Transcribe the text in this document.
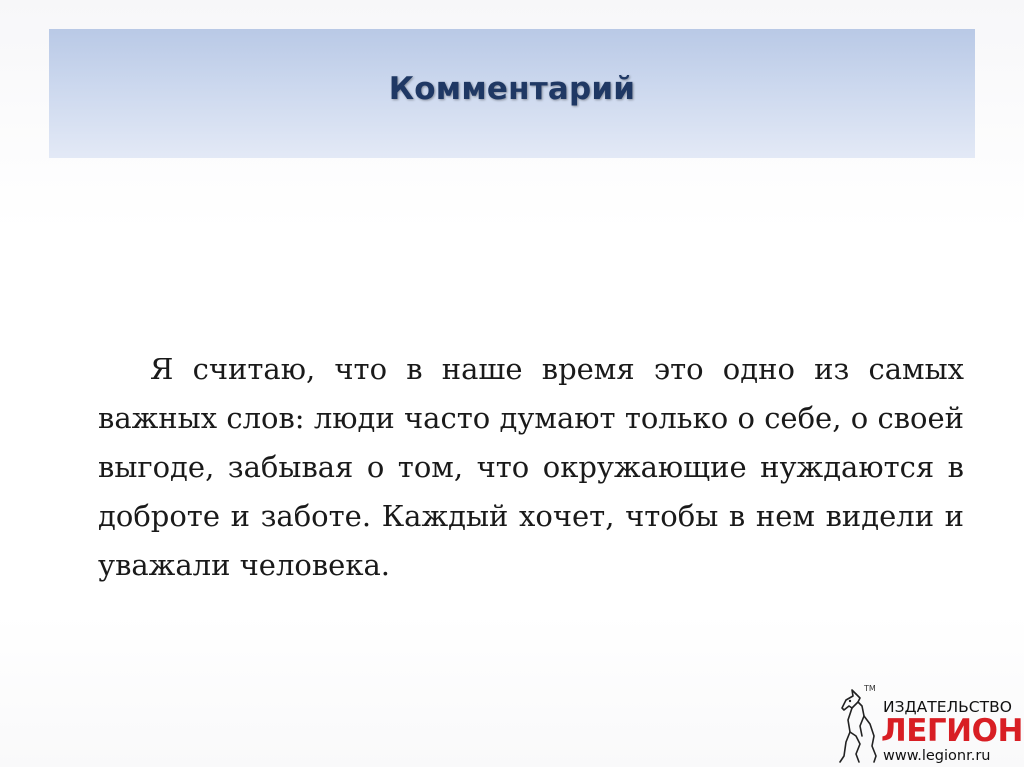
Комментарий

Я считаю, что в наше время это одно из самых важных слов: люди часто думают только о себе, о своей выгоде, забывая о том, что окружающие нуждаются в доброте и заботе. Каждый хочет, чтобы в нем видели и уважали человека.

TM
ИЗДАТЕЛЬСТВО
ЛЕГИОН
www.legionr.ru
